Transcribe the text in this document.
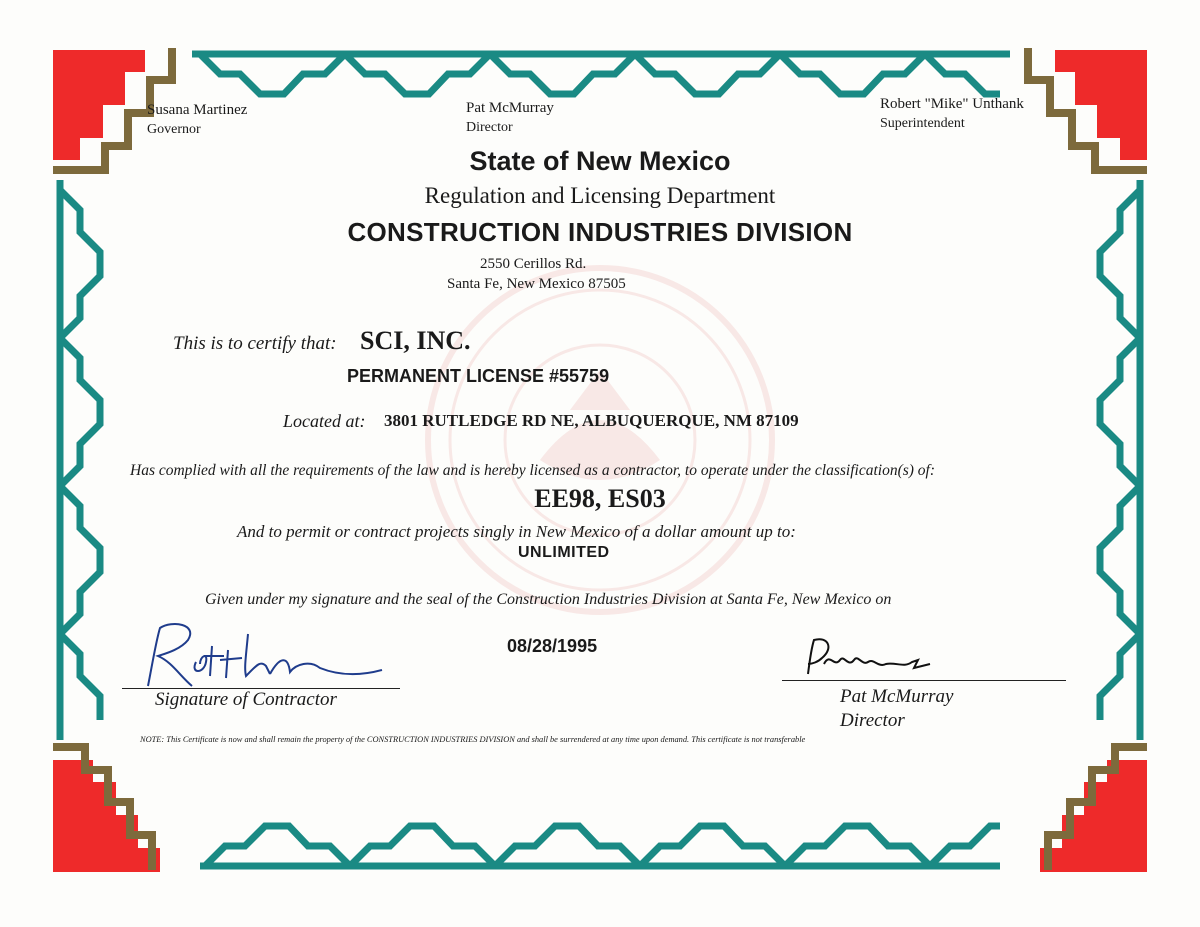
Susana Martinez

Governor

Pat McMurray

Director

Robert "Mike" Unthank

Superintendent

State of New Mexico

Regulation and Licensing Department

CONSTRUCTION INDUSTRIES DIVISION

2550 Cerillos Rd.

Santa Fe, New Mexico 87505

This is to certify that: SCI, INC.

PERMANENT LICENSE #55759

Located at: 3801 RUTLEDGE RD NE, ALBUQUERQUE, NM 87109

Has complied with all the requirements of the law and is hereby licensed as a contractor, to operate under the classification(s) of:

EE98, ES03

And to permit or contract projects singly in New Mexico of a dollar amount up to:

UNLIMITED

Given under my signature and the seal of the Construction Industries Division at Santa Fe, New Mexico on

08/28/1995

Signature of Contractor	Pat McMurray

Director

NOTE: This Certificate is now and shall remain the property of the CONSTRUCTION INDUSTRIES DIVISION and shall be surrendered at any time upon demand. This certificate is not transferable
